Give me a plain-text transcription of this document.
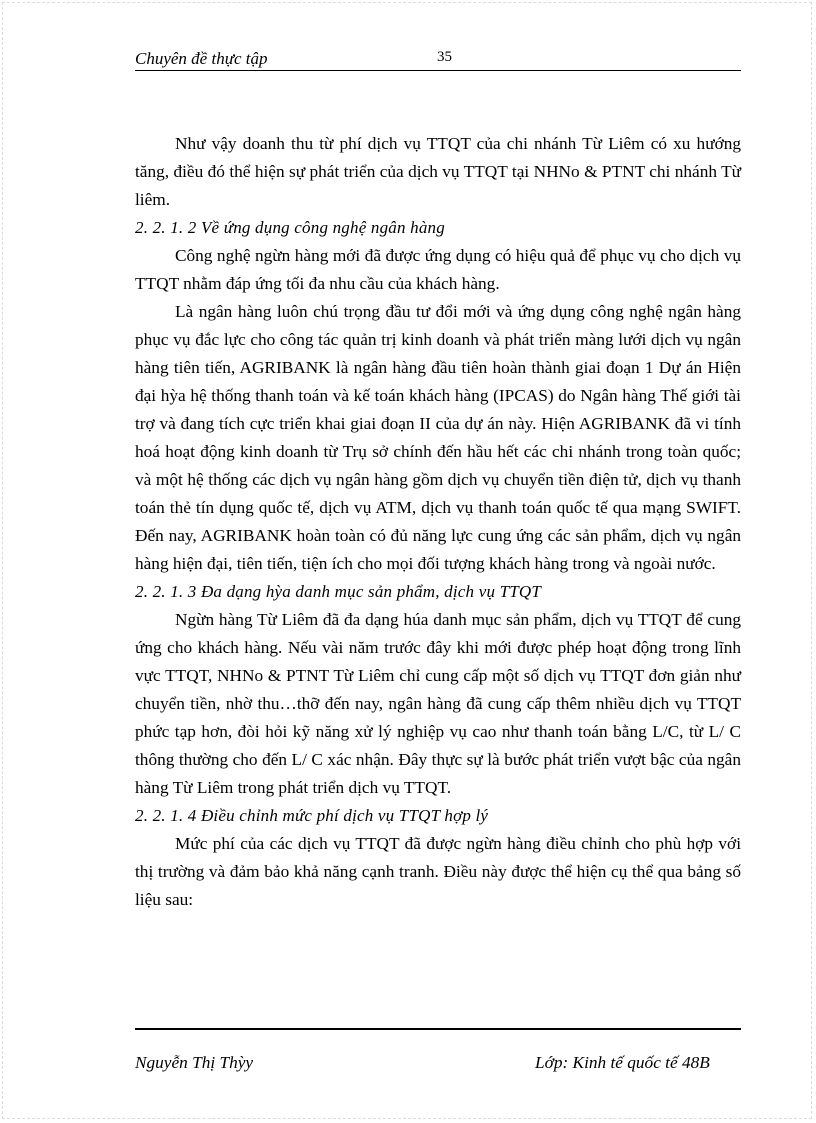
Chuyên đề thực tập	35

Như vậy doanh thu từ phí dịch vụ TTQT của chi nhánh Từ Liêm có xu hướng tăng, điều đó thể hiện sự phát triển của dịch vụ TTQT tại NHNo & PTNT chi nhánh Từ liêm.

2. 2. 1. 2 Về ứng dụng công nghệ ngân hàng

Công nghệ ngừn hàng mới đã được ứng dụng có hiệu quả để phục vụ cho dịch vụ TTQT nhằm đáp ứng tối đa nhu cầu của khách hàng.

Là ngân hàng luôn chú trọng đầu tư đổi mới và ứng dụng công nghệ ngân hàng phục vụ đắc lực cho công tác quản trị kinh doanh và phát triển màng lưới dịch vụ ngân hàng tiên tiến, AGRIBANK là ngân hàng đầu tiên hoàn thành giai đoạn 1 Dự án Hiện đại hỳa hệ thống thanh toán và kế toán khách hàng (IPCAS) do Ngân hàng Thế giới tài trợ và đang tích cực triển khai giai đoạn II của dự án này. Hiện AGRIBANK đã vi tính hoá hoạt động kinh doanh từ Trụ sở chính đến hầu hết các chi nhánh trong toàn quốc; và một hệ thống các dịch vụ ngân hàng gồm dịch vụ chuyển tiền điện tử, dịch vụ thanh toán thẻ tín dụng quốc tế, dịch vụ ATM, dịch vụ thanh toán quốc tế qua mạng SWIFT. Đến nay, AGRIBANK hoàn toàn có đủ năng lực cung ứng các sản phẩm, dịch vụ ngân hàng hiện đại, tiên tiến, tiện ích cho mọi đối tượng khách hàng trong và ngoài nước.

2. 2. 1. 3 Đa dạng hỳa danh mục sản phẩm, dịch vụ TTQT

Ngừn hàng Từ Liêm đã đa dạng húa danh mục sản phẩm, dịch vụ TTQT để cung ứng cho khách hàng. Nếu vài năm trước đây khi mới được phép hoạt động trong lĩnh vực TTQT, NHNo & PTNT Từ Liêm chỉ cung cấp một số dịch vụ TTQT đơn giản như chuyển tiền, nhờ thu…thỡ đến nay, ngân hàng đã cung cấp thêm nhiều dịch vụ TTQT phức tạp hơn, đòi hỏi kỹ năng xử lý nghiệp vụ cao như thanh toán bằng L/C, từ L/ C thông thường cho đến L/ C xác nhận. Đây thực sự là bước phát triển vượt bậc của ngân hàng Từ Liêm trong phát triển dịch vụ TTQT.

2. 2. 1. 4 Điều chỉnh mức phí dịch vụ TTQT hợp lý

Mức phí của các dịch vụ TTQT đã được ngừn hàng điều chỉnh cho phù hợp với thị trường và đảm bảo khả năng cạnh tranh. Điều này được thể hiện cụ thể qua bảng số liệu sau:

Nguyễn Thị Thỳy	Lớp: Kinh tế quốc tế 48B
